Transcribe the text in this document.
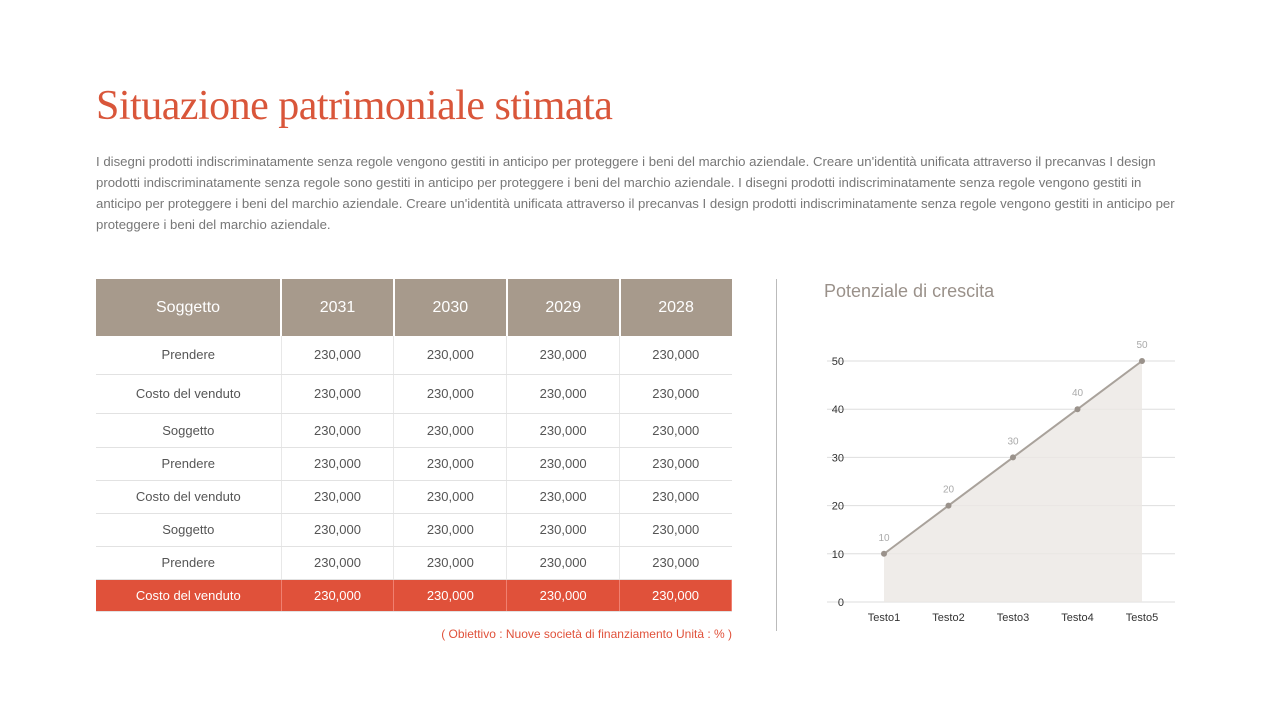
Situazione patrimoniale stimata
I disegni prodotti indiscriminatamente senza regole vengono gestiti in anticipo per proteggere i beni del marchio aziendale. Creare un'identità unificata attraverso il precanvas I design prodotti indiscriminatamente senza regole sono gestiti in anticipo per proteggere i beni del marchio aziendale. I disegni prodotti indiscriminatamente senza regole vengono gestiti in anticipo per proteggere i beni del marchio aziendale. Creare un'identità unificata attraverso il precanvas I design prodotti indiscriminatamente senza regole vengono gestiti in anticipo per proteggere i beni del marchio aziendale.
Soggetto	2031	2030	2029	2028
Prendere	230,000	230,000	230,000	230,000
Costo del venduto	230,000	230,000	230,000	230,000
Soggetto	230,000	230,000	230,000	230,000
Prendere	230,000	230,000	230,000	230,000
Costo del venduto	230,000	230,000	230,000	230,000
Soggetto	230,000	230,000	230,000	230,000
Prendere	230,000	230,000	230,000	230,000
Costo del venduto	230,000	230,000	230,000	230,000
( Obiettivo : Nuove società di finanziamento Unità : % )
Potenziale di crescita
0
10
20
30
40
50
10
Testo1
20
Testo2
30
Testo3
40
Testo4
50
Testo5
